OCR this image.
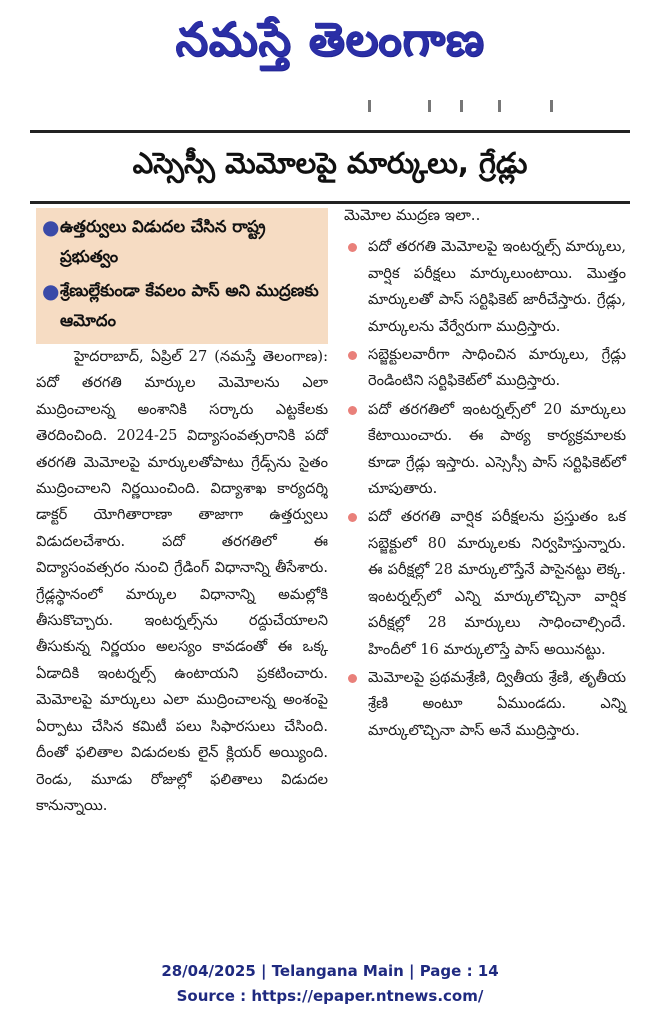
నమస్తే తెలంగాణ
ఎస్సెస్సీ మెమోలపై మార్కులు, గ్రేడ్లు
● ఉత్తర్వులు విడుదల చేసిన రాష్ట్ర ప్రభుత్వం
● శ్రేణుల్లేకుండా కేవలం పాస్ అని ముద్రణకు ఆమోదం

హైదరాబాద్, ఏప్రిల్ 27 (నమస్తే తెలంగాణ): పదో తరగతి మార్కుల మెమోలను ఎలా ముద్రించాలన్న అంశానికి సర్కారు ఎట్టకేలకు తెరదించింది. 2024-25 విద్యాసంవత్సరానికి పదో తరగతి మెమోలపై మార్కులతోపాటు గ్రేడ్స్‌ను సైతం ముద్రించాలని నిర్ణయించింది. విద్యాశాఖ కార్యదర్శి డాక్టర్ యోగితారాణా తాజాగా ఉత్తర్వులు విడుదలచేశారు. పదో తరగతిలో ఈ విద్యాసంవత్సరం నుంచి గ్రేడింగ్ విధానాన్ని తీసేశారు. గ్రేడ్లస్థానంలో మార్కుల విధానాన్ని అమల్లోకి తీసుకొచ్చారు. ఇంటర్నల్స్‌ను రద్దుచేయాలని తీసుకున్న నిర్ణయం అలస్యం కావడంతో ఈ ఒక్క ఏడాదికి ఇంటర్నల్స్ ఉంటాయని ప్రకటించారు. మెమోలపై మార్కులు ఎలా ముద్రించాలన్న అంశంపై ఏర్పాటు చేసిన కమిటీ పలు సిఫారసులు చేసింది. దీంతో ఫలితాల విడుదలకు లైన్ క్లియర్ అయ్యింది. రెండు, మూడు రోజుల్లో ఫలితాలు విడుదల కానున్నాయి.

మెమోల ముద్రణ ఇలా..
పదో తరగతి మెమోలపై ఇంటర్నల్స్ మార్కులు, వార్షిక పరీక్షలు మార్కులుంటాయి. మొత్తం మార్కులతో పాస్ సర్టిఫికెట్ జారీచేస్తారు. గ్రేడ్లు, మార్కులను వేర్వేరుగా ముద్రిస్తారు.
సబ్జెక్టులవారీగా సాధించిన మార్కులు, గ్రేడ్లు రెండింటిని సర్టిఫికెట్‌లో ముద్రిస్తారు.
పదో తరగతిలో ఇంటర్నల్స్‌లో 20 మార్కులు కేటాయించారు. ఈ పాఠ్య కార్యక్రమాలకు కూడా గ్రేడ్లు ఇస్తారు. ఎస్సెస్సీ పాస్ సర్టిఫికెట్‌లో చూపుతారు.
పదో తరగతి వార్షిక పరీక్షలను ప్రస్తుతం ఒక సబ్జెక్టులో 80 మార్కులకు నిర్వహిస్తున్నారు. ఈ పరీక్షల్లో 28 మార్కులొస్తేనే పాసైనట్టు లెక్క. ఇంటర్నల్స్‌లో ఎన్ని మార్కులొచ్చినా వార్షిక పరీక్షల్లో 28 మార్కులు సాధించాల్సిందే. హిందీలో 16 మార్కులొస్తే పాస్ అయినట్టు.
మెమోలపై ప్రథమశ్రేణి, ద్వితీయ శ్రేణి, తృతీయ శ్రేణి అంటూ ఏముండదు. ఎన్ని మార్కులొచ్చినా పాస్ అనే ముద్రిస్తారు.
28/04/2025 | Telangana Main | Page : 14
Source : https://epaper.ntnews.com/
